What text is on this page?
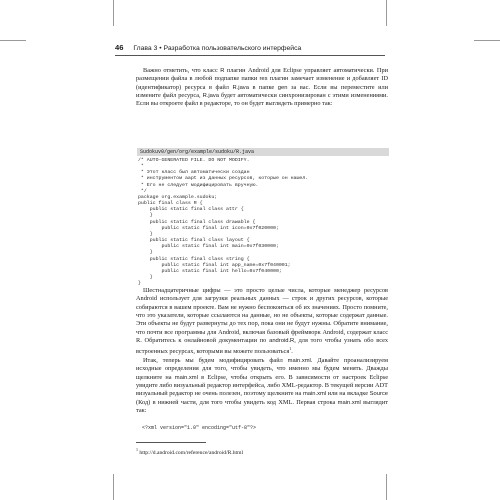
46 Глава 3 • Разработка пользовательского интерфейса

Важно отметить, что класс R плагин Android для Eclipse управляет автоматически. При размещении файла в любой подпапке папки res плагин замечает изменение и добавляет ID (идентификатор) ресурса в файл R.java в папке gen за вас. Если вы переместите или измените файл ресурса, R.java будет автоматически синхронизирован с этими изменениями. Если вы откроете файл в редакторе, то он будет выглядеть примерно так:

Sudokuv0/gen/org/example/sudoku/R.java
/* AUTO-GENERATED FILE. DO NOT MODIFY.
*
* Этот класс был автоматически создан
* инструментом aapt из данных ресурсов, которые он нашел.
* Его не следует модифицировать вручную.
*/
package org.example.sudoku;
public final class R {
public static final class attr {
}
public static final class drawable {
public static final int icon=0x7f020000;
}
public static final class layout {
public static final int main=0x7f030000;
}
public static final class string {
public static final int app_name=0x7f040001;
public static final int hello=0x7f040000;
}
}

Шестнадцатеричные цифры — это просто целые числа, которые менеджер ресурсов Android использует для загрузки реальных данных — строк и других ресурсов, которые собираются в вашем проекте. Вам не нужно беспокоиться об их значениях. Просто помните, что это указатели, которые ссылаются на данные, но не объекты, которые содержат данные. Эти объекты не будут развернуты до тех пор, пока они не будут нужны. Обратите внимание, что почти все программы для Android, включая базовый фреймворк Android, содержат класс R. Обратитесь к онлайновой документации по android.R, для того чтобы узнать обо всех встроенных ресурсах, которыми вы можете пользоваться$^1$.

Итак, теперь мы будем модифицировать файл main.xml. Давайте проанализируем исходные определения для того, чтобы увидеть, что именно мы будем менять. Дважды щелкните на main.xml в Eclipse, чтобы открыть его. В зависимости от настроек Eclipse увидите либо визуальный редактор интерфейса, либо XML-редактор. В текущей версии ADT визуальный редактор не очень полезен, поэтому щелкните на main.xml или на вкладке Source (Код) в нижней части, для того чтобы увидеть код XML. Первая строка main.xml выглядит так:

<?xml version="1.0" encoding="utf-8"?>
$^1$ http://d.android.com/reference/android/R.html
